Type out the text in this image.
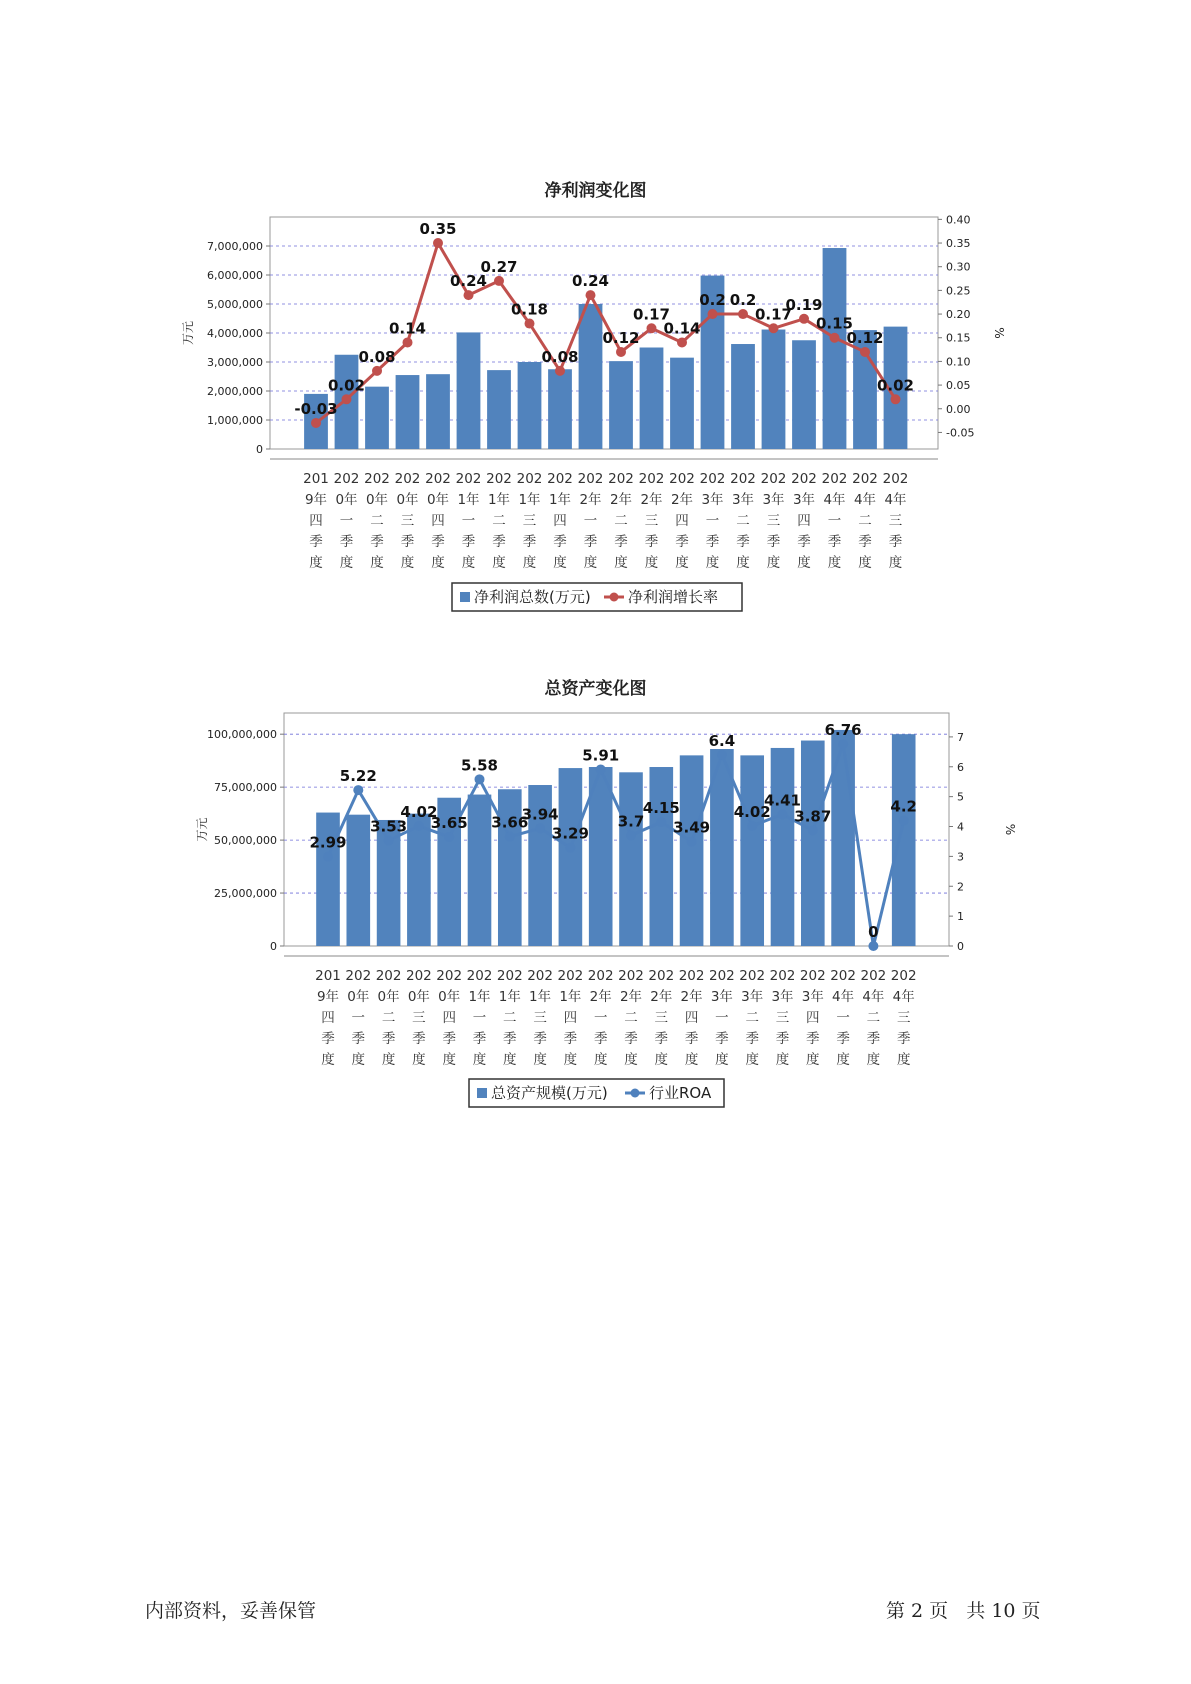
净利润变化图
0
1,000,000
2,000,000
3,000,000
4,000,000
5,000,000
6,000,000
7,000,000
-0.05
0.00
0.05
0.10
0.15
0.20
0.25
0.30
0.35
0.40
万元	%
-0.03
0.02
0.08
0.14
0.35
0.24
0.27
0.18
0.08
0.24
0.12
0.17
0.14
0.2 0.2
0.17
0.19
0.15
0.12
0.02
201
9年
四
季
度
202
0年
一
季
度
202
0年
二
季
度
202
0年
三
季
度
202
0年
四
季
度
202
1年
一
季
度
202
1年
二
季
度
202
1年
三
季
度
202
1年
四
季
度
202
2年
一
季
度
202
2年
二
季
度
202
2年
三
季
度
202
2年
四
季
度
202
3年
一
季
度
202
3年
二
季
度
202
3年
三
季
度
202
3年
四
季
度
202
4年
一
季
度
202
4年
二
季
度
202
4年
三
季
度
净利润总数(万元) 净利润增长率
总资产变化图
0
25,000,000
50,000,000
75,000,000
100,000,000
0
1
2
3
4
5
6
7
万元	%
2.99
5.22
3.53
4.02
3.65
5.58
3.66
3.94
3.29
5.91
3.7
4.15
3.49
6.4
4.02
4.41
3.87
6.76
0
4.2
201
9年
四
季
度
202
0年
一
季
度
202
0年
二
季
度
202
0年
三
季
度
202
0年
四
季
度
202
1年
一
季
度
202
1年
二
季
度
202
1年
三
季
度
202
1年
四
季
度
202
2年
一
季
度
202
2年
二
季
度
202
2年
三
季
度
202
2年
四
季
度
202
3年
一
季
度
202
3年
二
季
度
202
3年
三
季
度
202
3年
四
季
度
202
4年
一
季
度
202
4年
二
季
度
202
4年
三
季
度
总资产规模(万元)	行业ROA
内部资料，妥善保管	第 2 页   共 10 页
